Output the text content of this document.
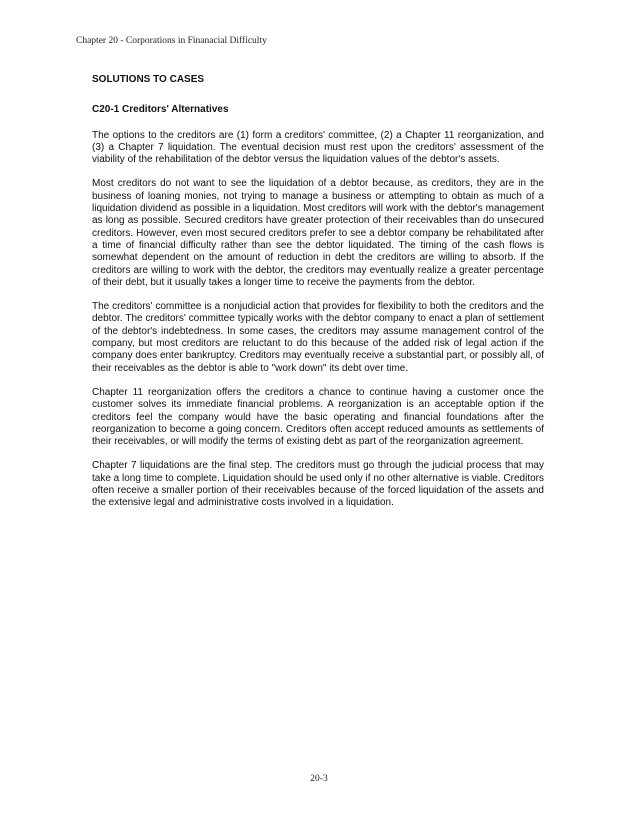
Chapter 20 - Corporations in Finanacial Difficulty
SOLUTIONS TO CASES
C20-1 Creditors' Alternatives

The options to the creditors are (1) form a creditors' committee, (2) a Chapter 11 reorganization, and (3) a Chapter 7 liquidation. The eventual decision must rest upon the creditors' assessment of the viability of the rehabilitation of the debtor versus the liquidation values of the debtor's assets.

Most creditors do not want to see the liquidation of a debtor because, as creditors, they are in the business of loaning monies, not trying to manage a business or attempting to obtain as much of a liquidation dividend as possible in a liquidation. Most creditors will work with the debtor's management as long as possible. Secured creditors have greater protection of their receivables than do unsecured creditors. However, even most secured creditors prefer to see a debtor company be rehabilitated after a time of financial difficulty rather than see the debtor liquidated. The timing of the cash flows is somewhat dependent on the amount of reduction in debt the creditors are willing to absorb. If the creditors are willing to work with the debtor, the creditors may eventually realize a greater percentage of their debt, but it usually takes a longer time to receive the payments from the debtor.

The creditors' committee is a nonjudicial action that provides for flexibility to both the creditors and the debtor. The creditors' committee typically works with the debtor company to enact a plan of settlement of the debtor's indebtedness. In some cases, the creditors may assume management control of the company, but most creditors are reluctant to do this because of the added risk of legal action if the company does enter bankruptcy. Creditors may eventually receive a substantial part, or possibly all, of their receivables as the debtor is able to "work down" its debt over time.

Chapter 11 reorganization offers the creditors a chance to continue having a customer once the customer solves its immediate financial problems. A reorganization is an acceptable option if the creditors feel the company would have the basic operating and financial foundations after the reorganization to become a going concern. Creditors often accept reduced amounts as settlements of their receivables, or will modify the terms of existing debt as part of the reorganization agreement.

Chapter 7 liquidations are the final step. The creditors must go through the judicial process that may take a long time to complete. Liquidation should be used only if no other alternative is viable. Creditors often receive a smaller portion of their receivables because of the forced liquidation of the assets and the extensive legal and administrative costs involved in a liquidation.

20-3
